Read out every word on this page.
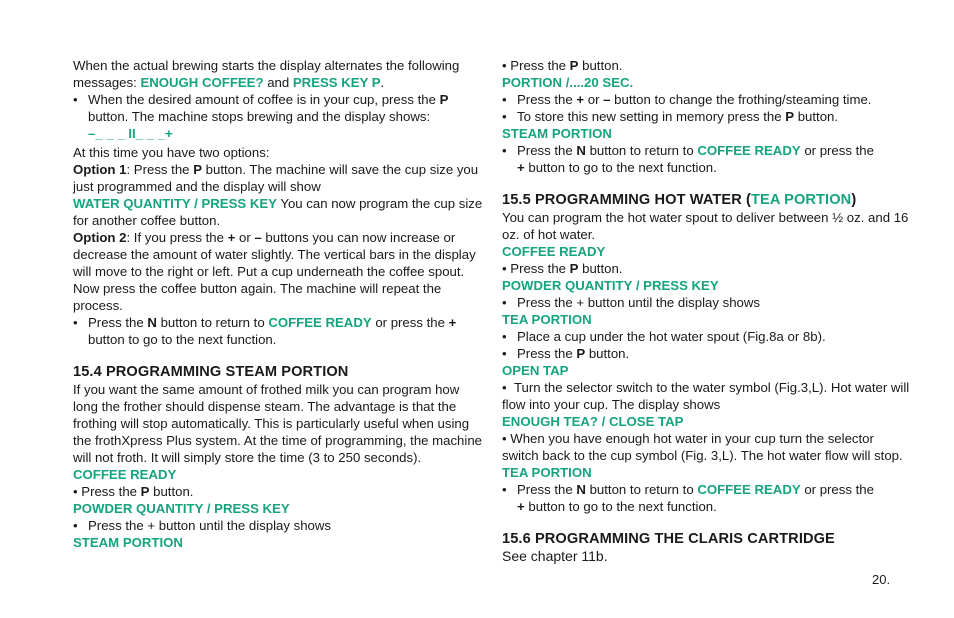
When the actual brewing starts the display alternates the following messages: ENOUGH COFFEE? and PRESS KEY P.

• When the desired amount of coffee is in your cup, press the P button. The machine stops brewing and the display shows:
–_ _ _ II_ _ _+

At this time you have two options:

Option 1: Press the P button. The machine will save the cup size you just programmed and the display will show
WATER QUANTITY / PRESS KEY You can now program the cup size for another coffee button.

Option 2: If you press the + or – buttons you can now increase or decrease the amount of water slightly. The vertical bars in the display will move to the right or left. Put a cup underneath the coffee spout. Now press the coffee button again. The machine will repeat the process.

• Press the N button to return to COFFEE READY or press the + button to go to the next function.

15.4 PROGRAMMING STEAM PORTION

If you want the same amount of frothed milk you can program how long the frother should dispense steam. The advantage is that the frothing will stop automatically. This is particularly useful when using the frothXpress Plus system. At the time of programming, the machine will not froth. It will simply store the time (3 to 250 seconds).

COFFEE READY

• Press the P button.

POWDER QUANTITY / PRESS KEY

• Press the + button until the display shows

STEAM PORTION

• Press the P button.

PORTION /....20 SEC.

• Press the + or – button to change the frothing/steaming time.

• To store this new setting in memory press the P button.

STEAM PORTION

• Press the N button to return to COFFEE READY or press the
+ button to go to the next function.

15.5 PROGRAMMING HOT WATER (TEA PORTION)

You can program the hot water spout to deliver between ½ oz. and 16 oz. of hot water.

COFFEE READY

• Press the P button.

POWDER QUANTITY / PRESS KEY

• Press the + button until the display shows

TEA PORTION

• Place a cup under the hot water spout (Fig.8a or 8b).

• Press the P button.

OPEN TAP

•  Turn the selector switch to the water symbol (Fig.3,L). Hot water will flow into your cup. The display shows

ENOUGH TEA? / CLOSE TAP

• When you have enough hot water in your cup turn the selector switch back to the cup symbol (Fig. 3,L). The hot water flow will stop. TEA PORTION

• Press the N button to return to COFFEE READY or press the
+ button to go to the next function.

15.6 PROGRAMMING THE CLARIS CARTRIDGE

See chapter 11b.

20.
